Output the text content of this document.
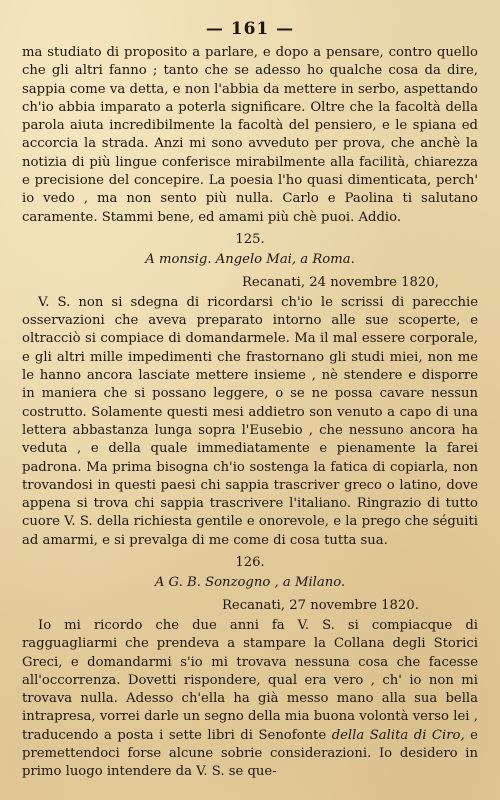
— 161 —

ma studiato di proposito a parlare, e dopo a pensare, contro quello che gli altri fanno ; tanto che se adesso ho qualche cosa da dire, sappia come va detta, e non l'abbia da mettere in serbo, aspettando ch'io abbia imparato a poterla significare. Oltre che la facoltà della parola aiuta incredibilmente la facoltà del pensiero, e le spiana ed accorcia la strada. Anzi mi sono avveduto per prova, che anchè la notizia di più lingue conferisce mirabilmente alla facilità, chiarezza e precisione del concepire. La poesia l'ho quasi dimenticata, perch' io vedo , ma non sento più nulla. Carlo e Paolina ti salutano caramente. Stammi bene, ed amami più chè puoi. Addio.

125.
A monsig. Angelo Mai, a Roma.
Recanati, 24 novembre 1820,

V. S. non si sdegna di ricordarsi ch'io le scrissi di parecchie osservazioni che aveva preparato intorno alle sue scoperte, e oltracciò si compiace di domandarmele. Ma il mal essere corporale, e gli altri mille impedimenti che frastornano gli studi miei, non me le hanno ancora lasciate mettere insieme , nè stendere e disporre in maniera che si possano leggere, o se ne possa cavare nessun costrutto. Solamente questi mesi addietro son venuto a capo di una lettera abbastanza lunga sopra l'Eusebio , che nessuno ancora ha veduta , e della quale immediatamente e pienamente la farei padrona. Ma prima bisogna ch'io sostenga la fatica di copiarla, non trovandosi in questi paesi chi sappia trascriver greco o latino, dove appena si trova chi sappia trascrivere l'italiano. Ringrazio di tutto cuore V. S. della richiesta gentile e onorevole, e la prego che séguiti ad amarmi, e si prevalga di me come di cosa tutta sua.

126.
A G. B. Sonzogno , a Milano.
Recanati, 27 novembre 1820.

Io mi ricordo che due anni fa V. S. si compiacque di ragguagliarmi che prendeva a stampare la Collana degli Storici Greci, e domandarmi s'io mi trovava nessuna cosa che facesse all'occorrenza. Dovetti rispondere, qual era vero , ch' io non mi trovava nulla. Adesso ch'ella ha già messo mano alla sua bella intrapresa, vorrei darle un segno della mia buona volontà verso lei , traducendo a posta i sette libri di Senofonte della Salita di Ciro, e premettendoci forse alcune sobrie considerazioni. Io desidero in primo luogo intendere da V. S. se que-
